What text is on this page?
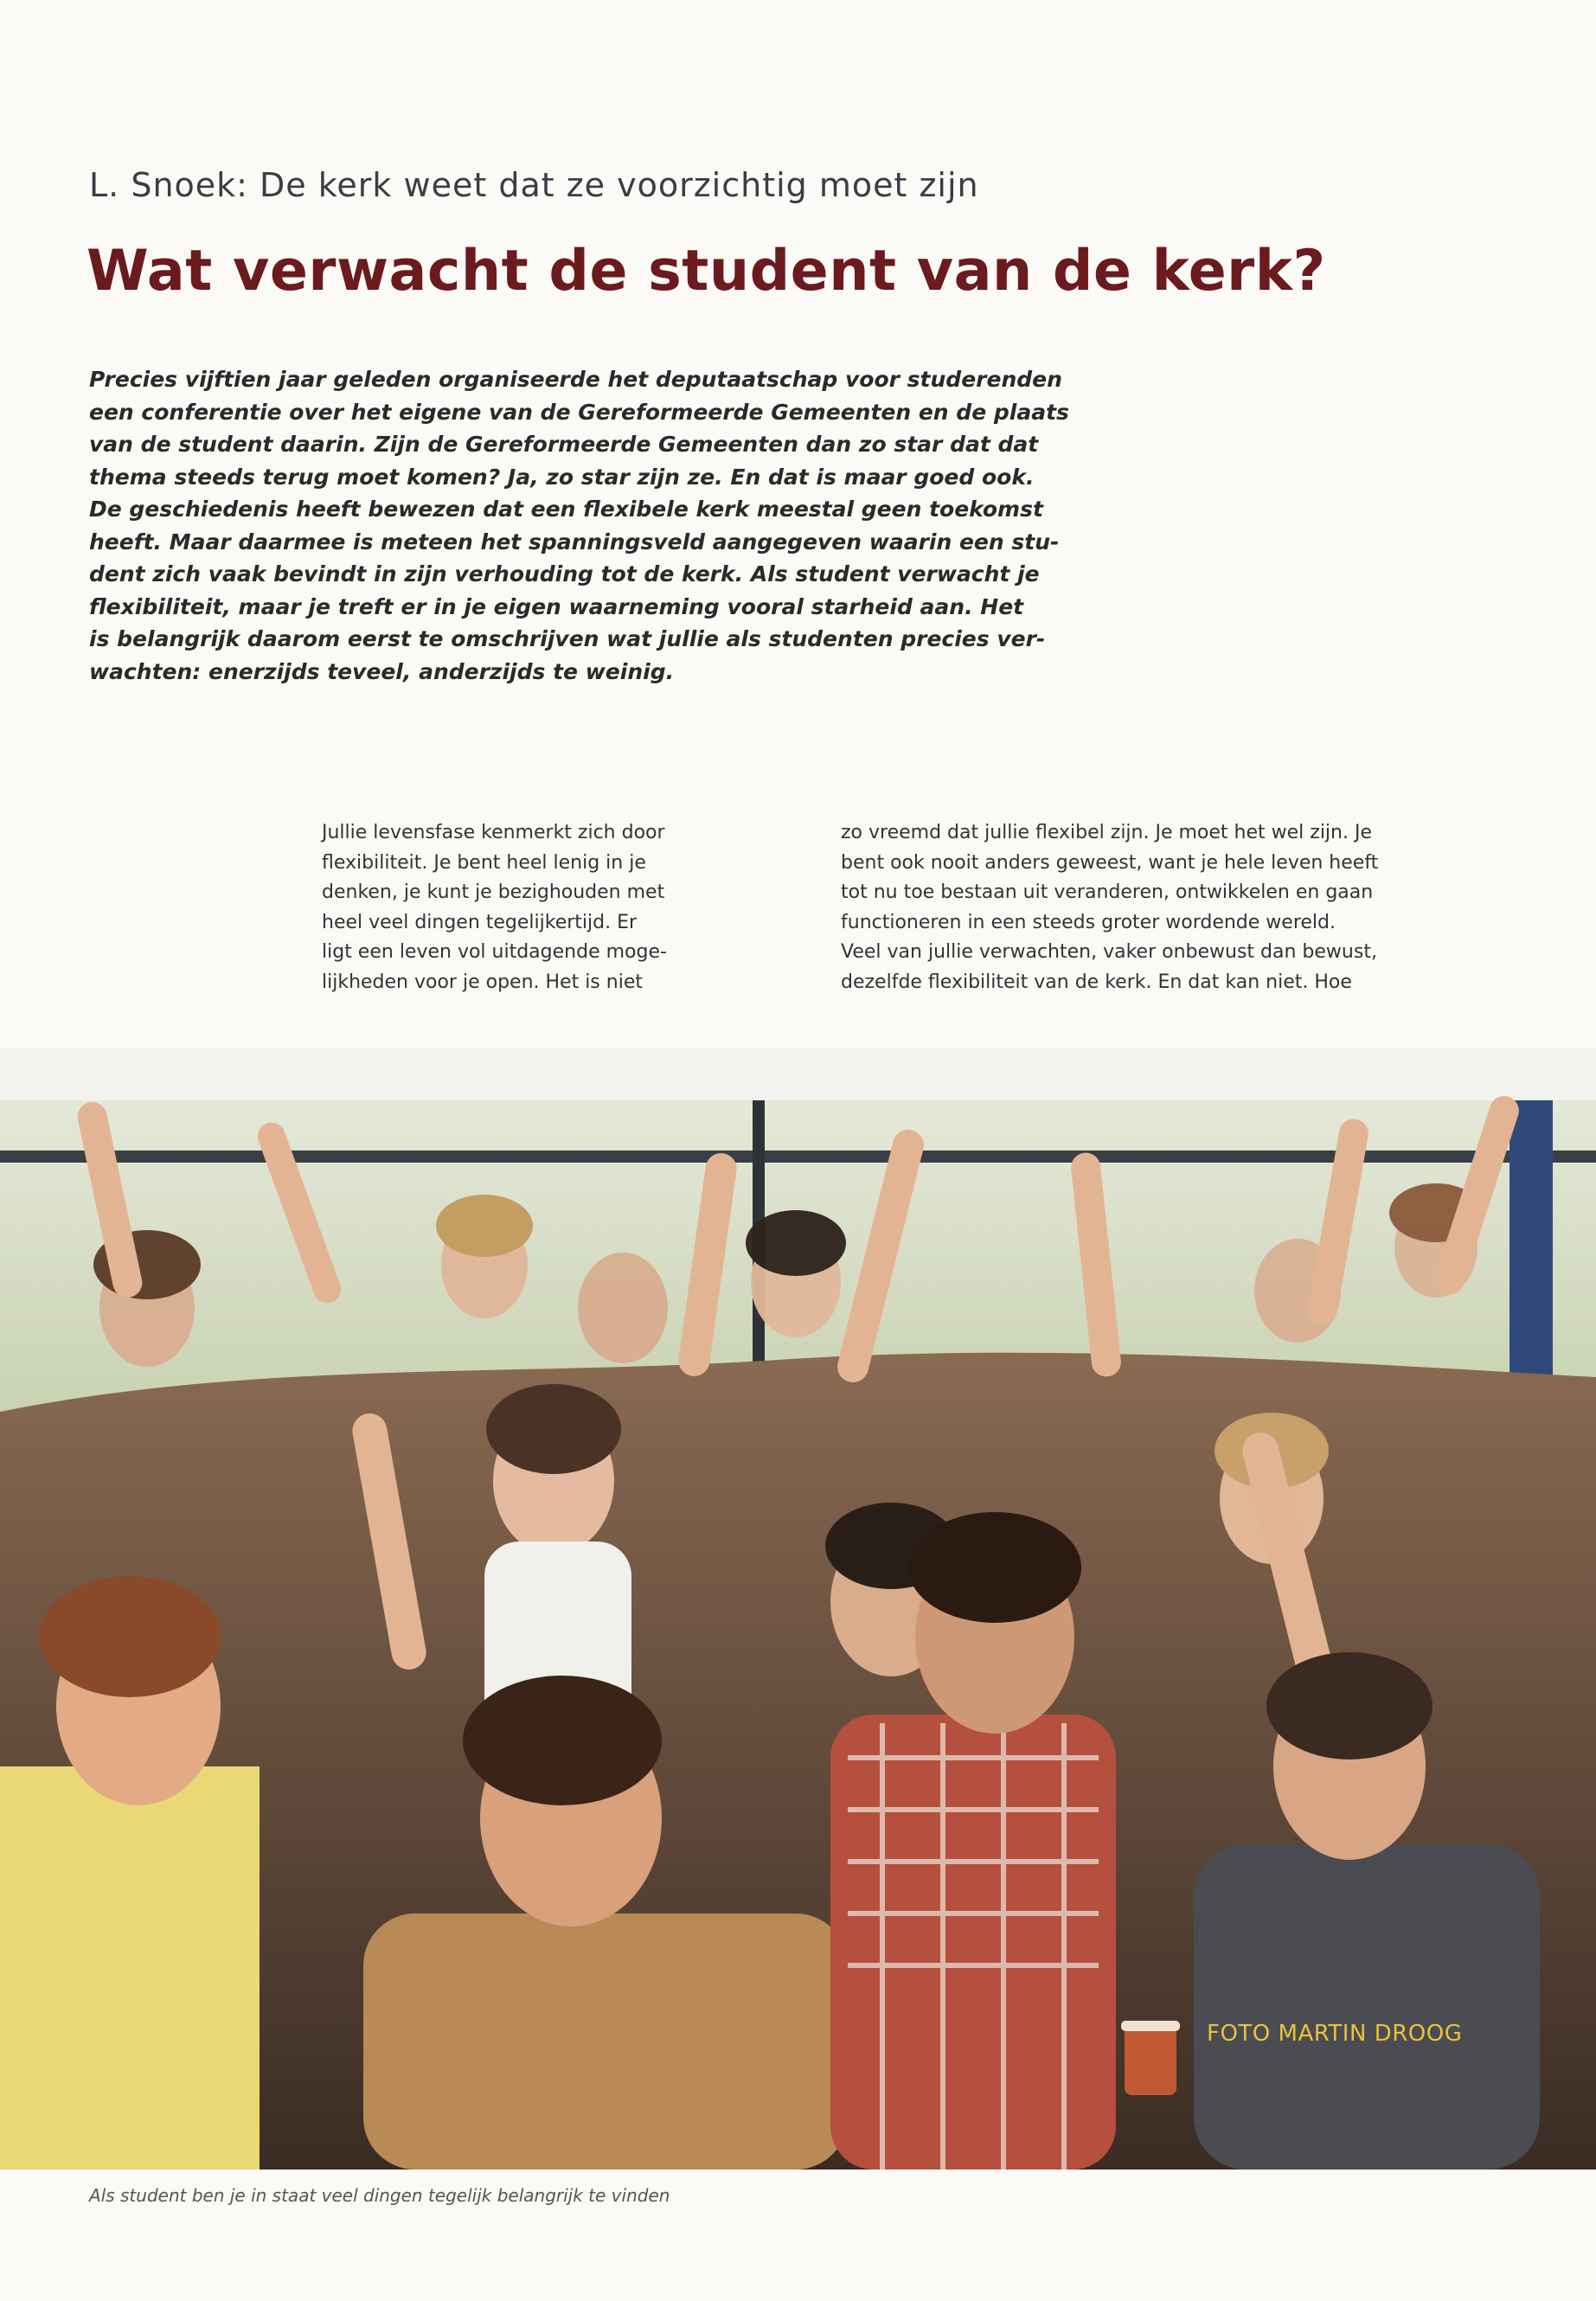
L. Snoek: De kerk weet dat ze voorzichtig moet zijn
Wat verwacht de student van de kerk?
Precies vijftien jaar geleden organiseerde het deputaatschap voor studerenden
een conferentie over het eigene van de Gereformeerde Gemeenten en de plaats
van de student daarin. Zijn de Gereformeerde Gemeenten dan zo star dat dat
thema steeds terug moet komen? Ja, zo star zijn ze. En dat is maar goed ook.
De geschiedenis heeft bewezen dat een flexibele kerk meestal geen toekomst
heeft. Maar daarmee is meteen het spanningsveld aangegeven waarin een stu-
dent zich vaak bevindt in zijn verhouding tot de kerk. Als student verwacht je
flexibiliteit, maar je treft er in je eigen waarneming vooral starheid aan. Het
is belangrijk daarom eerst te omschrijven wat jullie als studenten precies ver-
wachten: enerzijds teveel, anderzijds te weinig.
Jullie levensfase kenmerkt zich door
flexibiliteit. Je bent heel lenig in je
denken, je kunt je bezighouden met
heel veel dingen tegelijkertijd. Er
ligt een leven vol uitdagende moge-
lijkheden voor je open. Het is niet
zo vreemd dat jullie flexibel zijn. Je moet het wel zijn. Je
bent ook nooit anders geweest, want je hele leven heeft
tot nu toe bestaan uit veranderen, ontwikkelen en gaan
functioneren in een steeds groter wordende wereld.
Veel van jullie verwachten, vaker onbewust dan bewust,
dezelfde flexibiliteit van de kerk. En dat kan niet. Hoe
FOTO MARTIN DROOG
Als student ben je in staat veel dingen tegelijk belangrijk te vinden
